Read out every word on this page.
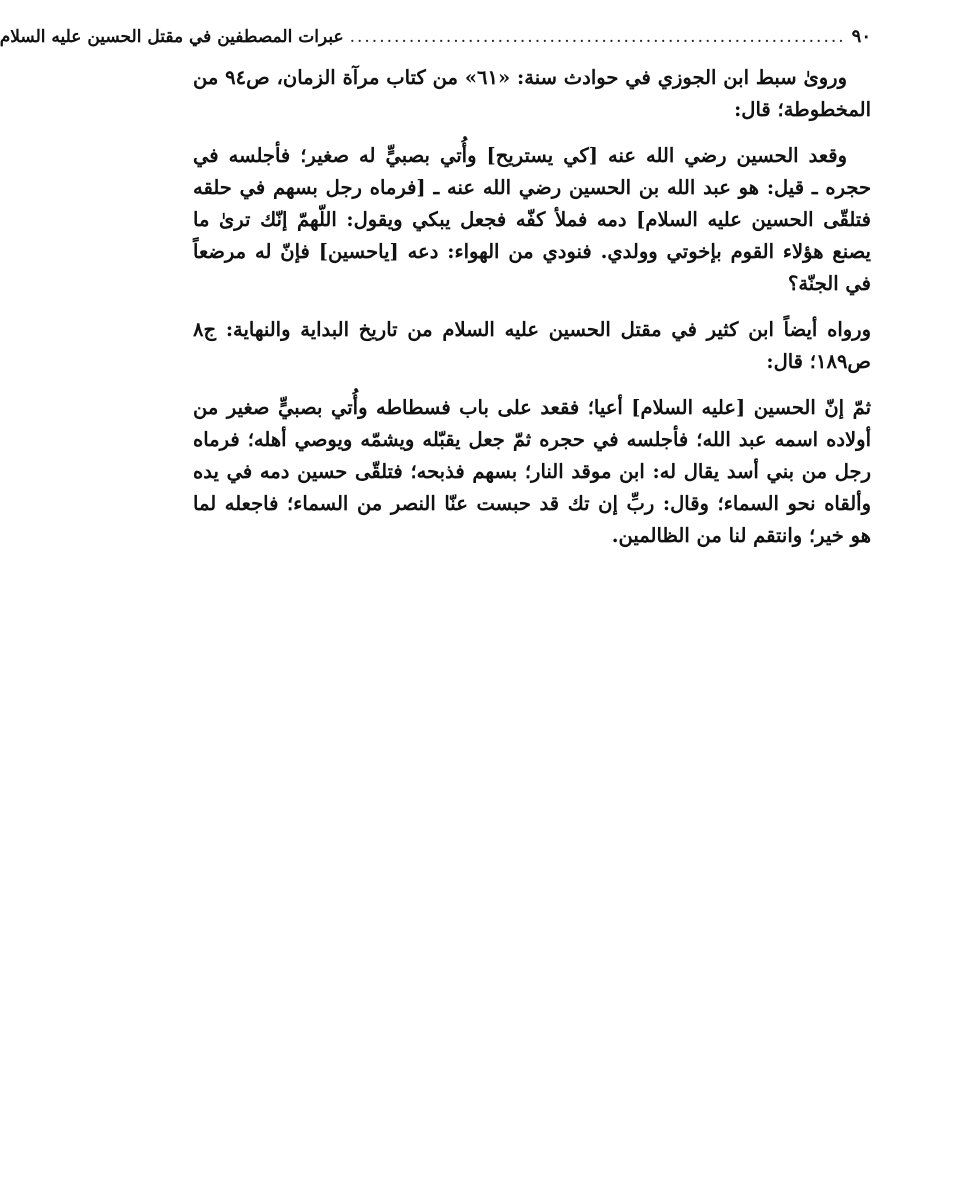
٩٠
...................................................................
عبرات المصطفين في مقتل الحسين عليه السلام

ورویٰ سبط ابن الجوزي في حوادث سنة: «٦١» من كتاب مرآة الزمان، ص٩٤ من المخطوطة؛ قال:

وقعد الحسين رضي الله عنه [كي يستريح] وأُتي بصبيٍّ له صغير؛ فأجلسه في حجره ـ قيل: هو عبد الله بن الحسين رضي الله عنه ـ [فرماه رجل بسهم في حلقه فتلقّى الحسين عليه السلام] دمه فملأ كفّه فجعل يبكي ويقول: اللّهمّ إنّك ترىٰ ما يصنع هؤلاء القوم بإخوتي وولدي. فنودي من الهواء: دعه [ياحسين] فإنّ له مرضعاً في الجنّة؟

ورواه أيضاً ابن كثير في مقتل الحسين عليه السلام من تاريخ البداية والنهاية: ج٨ ص١٨٩؛ قال:

ثمّ إنّ الحسين [عليه السلام] أعيا؛ فقعد على باب فسطاطه وأُتي بصبيٍّ صغير من أولاده اسمه عبد الله؛ فأجلسه في حجره ثمّ جعل يقبّله ويشمّه ويوصي أهله؛ فرماه رجل من بني أسد يقال له: ابن موقد النار؛ بسهم فذبحه؛ فتلقّى حسين دمه في يده وألقاه نحو السماء؛ وقال: ربِّ إن تك قد حبست عنّا النصر من السماء؛ فاجعله لما هو خير؛ وانتقم لنا من الظالمين.
